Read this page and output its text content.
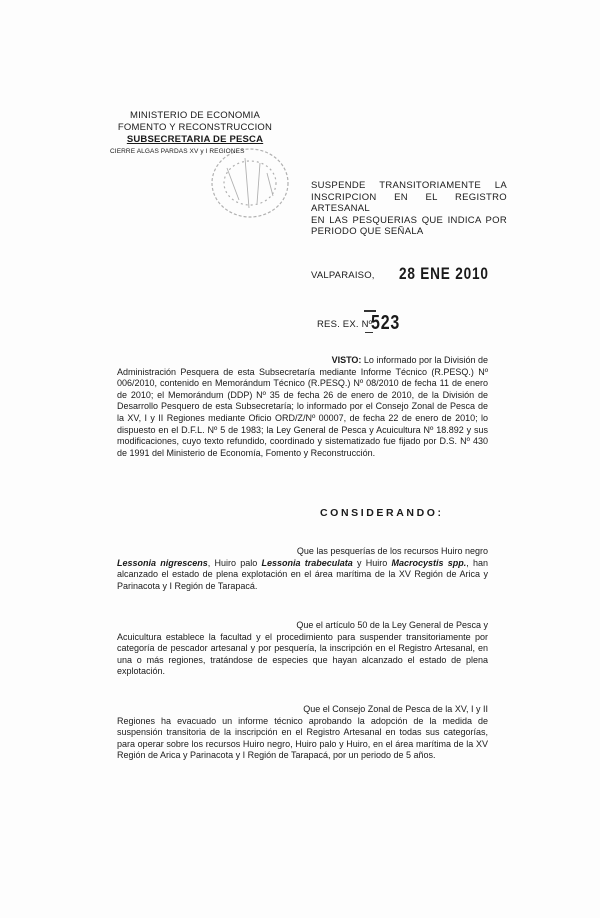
MINISTERIO DE ECONOMIA
FOMENTO Y RECONSTRUCCION
SUBSECRETARIA DE PESCA
CIERRE ALGAS PARDAS XV y I REGIONES
SUSPENDE TRANSITORIAMENTE LA
INSCRIPCION EN EL REGISTRO ARTESANAL
EN LAS PESQUERIAS QUE INDICA POR
PERIODO QUE SEÑALA
VALPARAISO, 28 ENE 2010
RES. EX. Nº
523
VISTO: Lo informado por la División de
Administración Pesquera de esta Subsecretaría mediante Informe Técnico (R.PESQ.) Nº
006/2010, contenido en Memorándum Técnico (R.PESQ.) Nº 08/2010 de fecha 11 de enero
de 2010; el Memorándum (DDP) Nº 35 de fecha 26 de enero de 2010, de la División de
Desarrollo Pesquero de esta Subsecretaría; lo informado por el Consejo Zonal de Pesca de
la XV, I y II Regiones mediante Oficio ORD/Z/Nº 00007, de fecha 22 de enero de 2010; lo
dispuesto en el D.F.L. Nº 5 de 1983; la Ley General de Pesca y Acuicultura Nº 18.892 y sus
modificaciones, cuyo texto refundido, coordinado y sistematizado fue fijado por D.S. Nº 430
de 1991 del Ministerio de Economía, Fomento y Reconstrucción.
CONSIDERANDO:
Que las pesquerías de los recursos Huiro negro
Lessonia nigrescens, Huiro palo Lessonia trabeculata y Huiro Macrocystis spp., han
alcanzado el estado de plena explotación en el área marítima de la XV Región de Arica y
Parinacota y I Región de Tarapacá.
Que el artículo 50 de la Ley General de Pesca y
Acuicultura establece la facultad y el procedimiento para suspender transitoriamente por
categoría de pescador artesanal y por pesquería, la inscripción en el Registro Artesanal, en
una o más regiones, tratándose de especies que hayan alcanzado el estado de plena
explotación.
Que el Consejo Zonal de Pesca de la XV, I y II
Regiones ha evacuado un informe técnico aprobando la adopción de la medida de
suspensión transitoria de la inscripción en el Registro Artesanal en todas sus categorías,
para operar sobre los recursos Huiro negro, Huiro palo y Huiro, en el área marítima de la XV
Región de Arica y Parinacota y I Región de Tarapacá, por un periodo de 5 años.
